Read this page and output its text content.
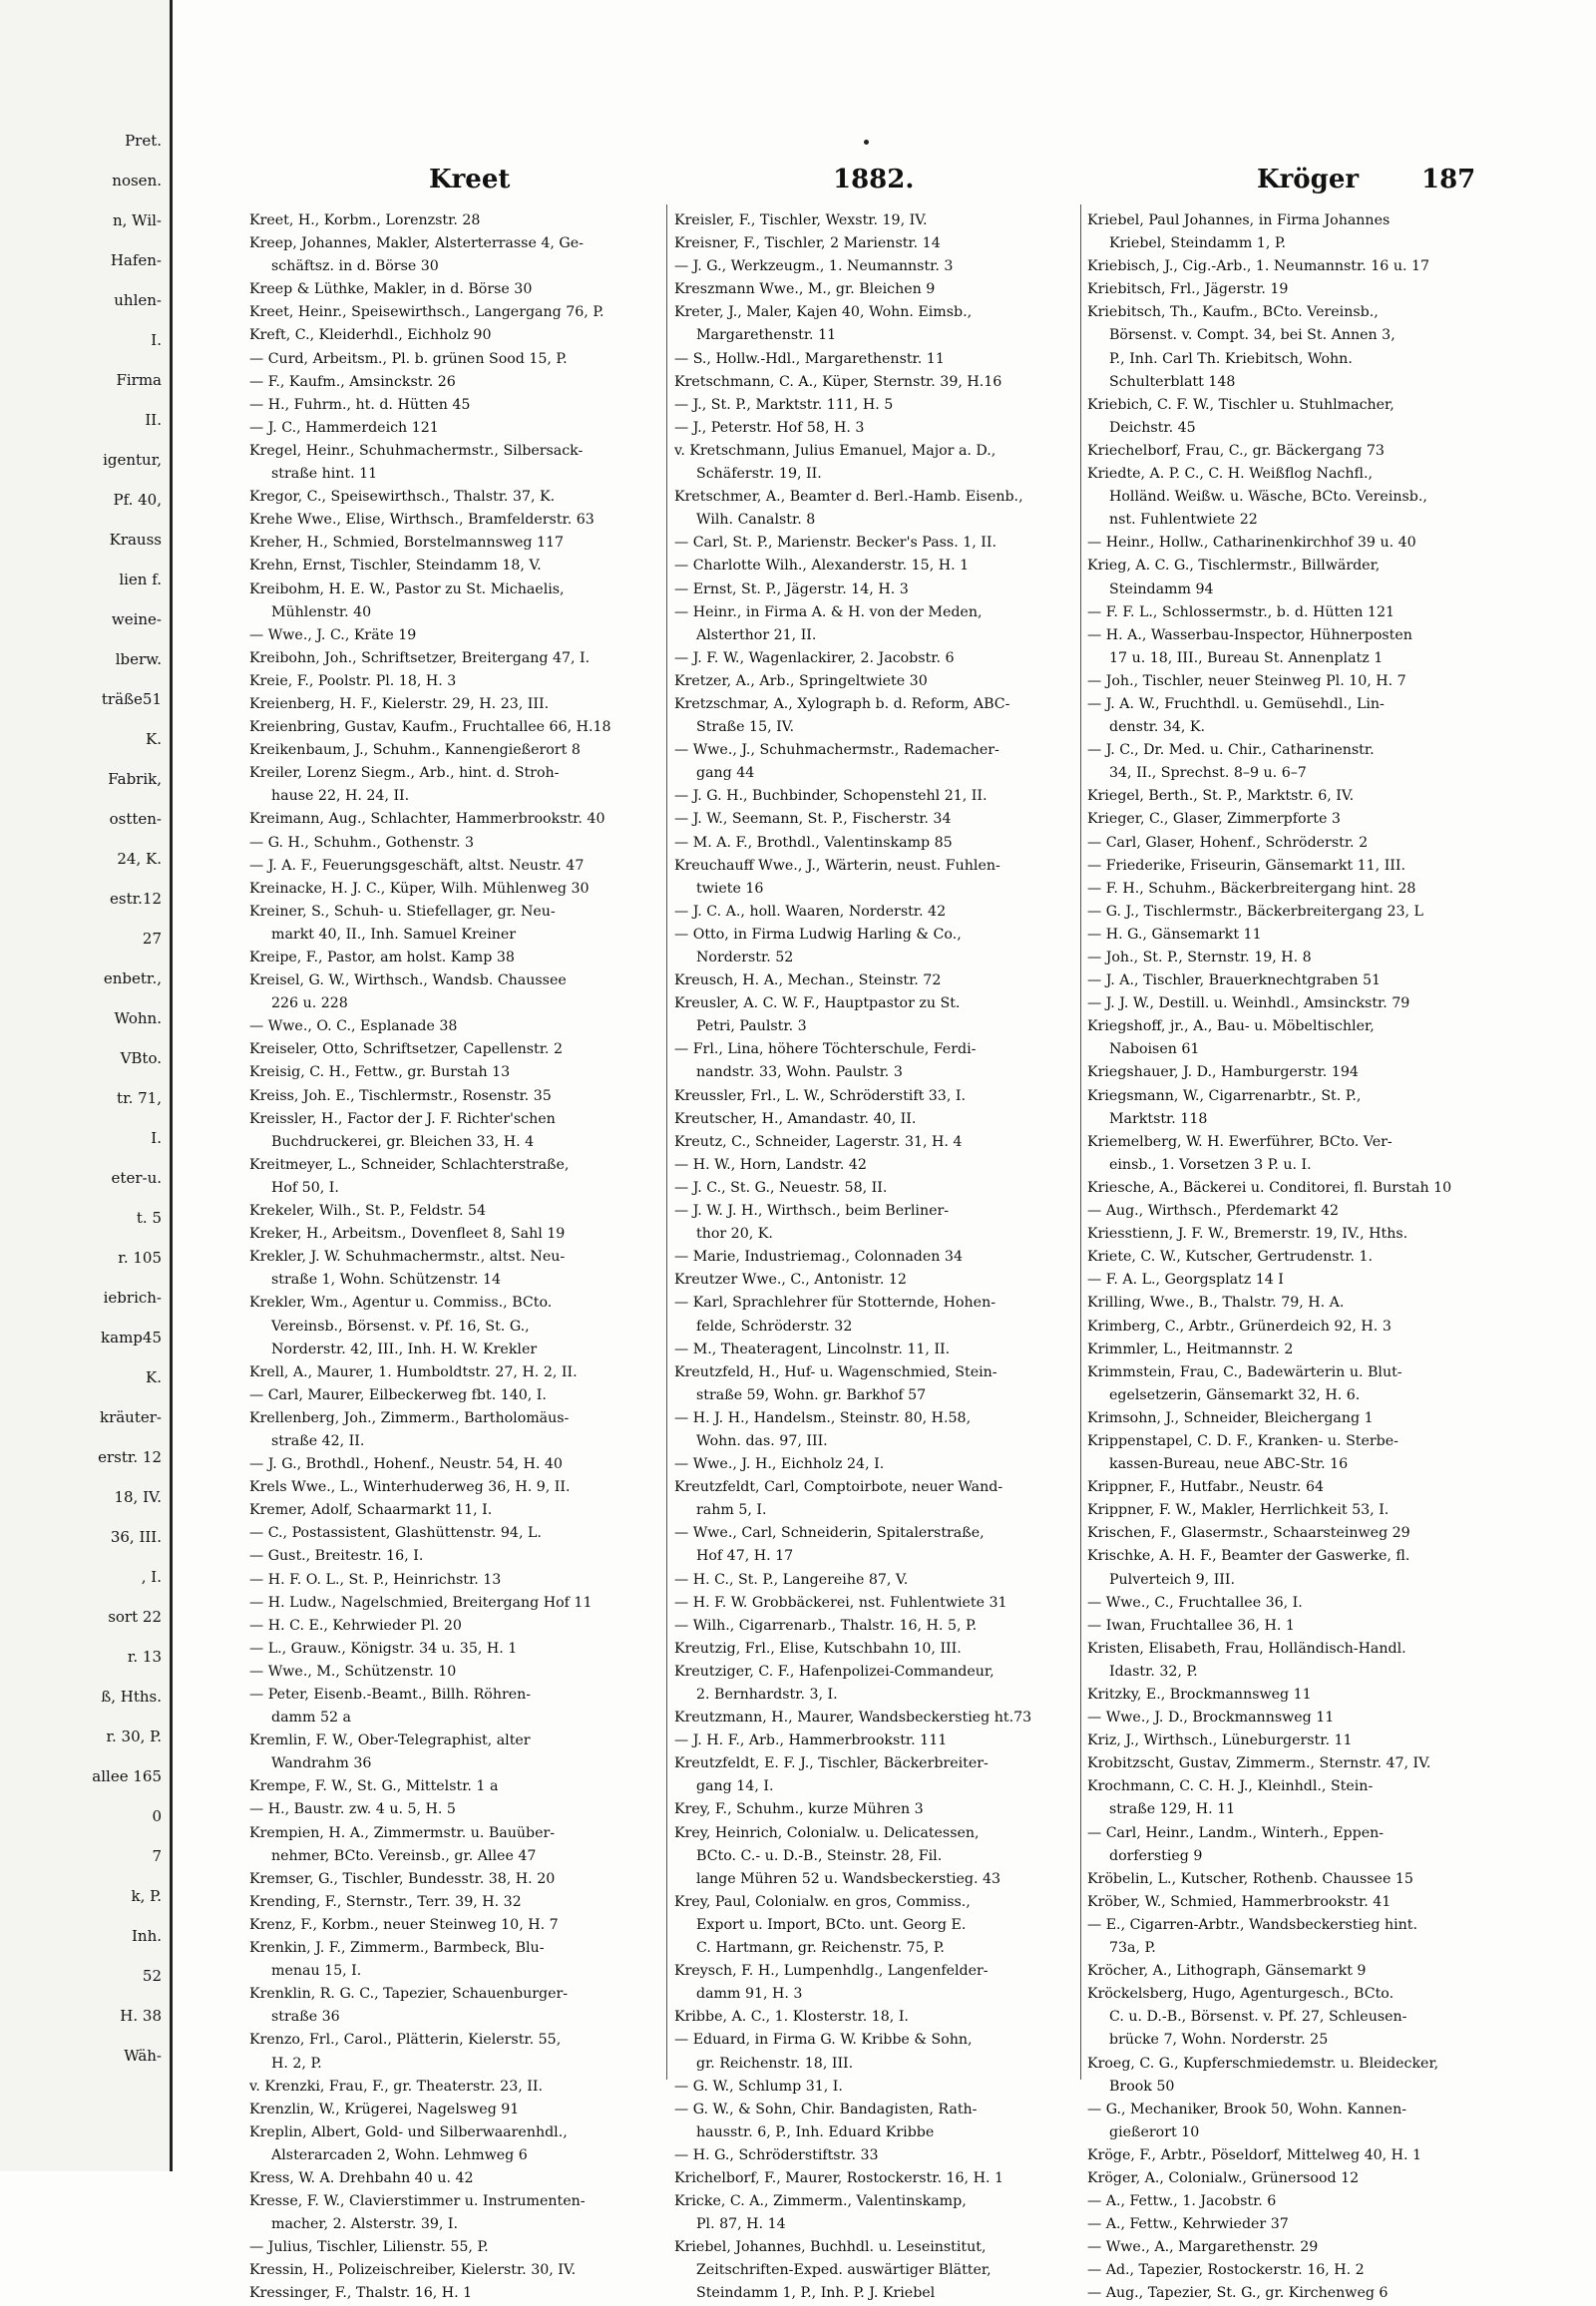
Pret.
nosen.
n, Wil-
Hafen-
uhlen-
I.
Firma
II.
igentur,
Pf. 40,
Krauss
lien f.
weine-
lberw.
träße51
K.
Fabrik,
ostten-
24, K.
estr.12
27
enbetr.,
Wohn.
VBto.
tr. 71,
I.
eter-u.
t. 5
r. 105
iebrich-
kamp45
K.
kräuter-
erstr. 12
18, IV.
36, III.
, I.
sort 22
r. 13
ß, Hths.
r. 30, P.
allee 165
0
7
k, P.
Inh.
52
H. 38
Wäh-
Kreet	1882.	Kröger 187
Kreet, H., Korbm., Lorenzstr. 28
Kreep, Johannes, Makler, Alsterterrasse 4, Ge-
schäftsz. in d. Börse 30
Kreep & Lüthke, Makler, in d. Börse 30
Kreet, Heinr., Speisewirthsch., Langergang 76, P.
Kreft, C., Kleiderhdl., Eichholz 90
— Curd, Arbeitsm., Pl. b. grünen Sood 15, P.
— F., Kaufm., Amsinckstr. 26
— H., Fuhrm., ht. d. Hütten 45
— J. C., Hammerdeich 121
Kregel, Heinr., Schuhmachermstr., Silbersack-
straße hint. 11
Kregor, C., Speisewirthsch., Thalstr. 37, K.
Krehe Wwe., Elise, Wirthsch., Bramfelderstr. 63
Kreher, H., Schmied, Borstelmannsweg 117
Krehn, Ernst, Tischler, Steindamm 18, V.
Kreibohm, H. E. W., Pastor zu St. Michaelis,
Mühlenstr. 40
— Wwe., J. C., Kräte 19
Kreibohn, Joh., Schriftsetzer, Breitergang 47, I.
Kreie, F., Poolstr. Pl. 18, H. 3
Kreienberg, H. F., Kielerstr. 29, H. 23, III.
Kreienbring, Gustav, Kaufm., Fruchtallee 66, H.18
Kreikenbaum, J., Schuhm., Kannengießerort 8
Kreiler, Lorenz Siegm., Arb., hint. d. Stroh-
hause 22, H. 24, II.
Kreimann, Aug., Schlachter, Hammerbrookstr. 40
— G. H., Schuhm., Gothenstr. 3
— J. A. F., Feuerungsgeschäft, altst. Neustr. 47
Kreinacke, H. J. C., Küper, Wilh. Mühlenweg 30
Kreiner, S., Schuh- u. Stiefellager, gr. Neu-
markt 40, II., Inh. Samuel Kreiner
Kreipe, F., Pastor, am holst. Kamp 38
Kreisel, G. W., Wirthsch., Wandsb. Chaussee
226 u. 228
— Wwe., O. C., Esplanade 38
Kreiseler, Otto, Schriftsetzer, Capellenstr. 2
Kreisig, C. H., Fettw., gr. Burstah 13
Kreiss, Joh. E., Tischlermstr., Rosenstr. 35
Kreissler, H., Factor der J. F. Richter'schen
Buchdruckerei, gr. Bleichen 33, H. 4
Kreitmeyer, L., Schneider, Schlachterstraße,
Hof 50, I.
Krekeler, Wilh., St. P., Feldstr. 54
Kreker, H., Arbeitsm., Dovenfleet 8, Sahl 19
Krekler, J. W. Schuhmachermstr., altst. Neu-
straße 1, Wohn. Schützenstr. 14
Krekler, Wm., Agentur u. Commiss., BCto.
Vereinsb., Börsenst. v. Pf. 16, St. G.,
Norderstr. 42, III., Inh. H. W. Krekler
Krell, A., Maurer, 1. Humboldtstr. 27, H. 2, II.
— Carl, Maurer, Eilbeckerweg fbt. 140, I.
Krellenberg, Joh., Zimmerm., Bartholomäus-
straße 42, II.
— J. G., Brothdl., Hohenf., Neustr. 54, H. 40
Krels Wwe., L., Winterhuderweg 36, H. 9, II.
Kremer, Adolf, Schaarmarkt 11, I.
— C., Postassistent, Glashüttenstr. 94, L.
— Gust., Breitestr. 16, I.
— H. F. O. L., St. P., Heinrichstr. 13
— H. Ludw., Nagelschmied, Breitergang Hof 11
— H. C. E., Kehrwieder Pl. 20
— L., Grauw., Königstr. 34 u. 35, H. 1
— Wwe., M., Schützenstr. 10
— Peter, Eisenb.-Beamt., Billh. Röhren-
damm 52 a
Kremlin, F. W., Ober-Telegraphist, alter
Wandrahm 36
Krempe, F. W., St. G., Mittelstr. 1 a
— H., Baustr. zw. 4 u. 5, H. 5
Krempien, H. A., Zimmermstr. u. Bauüber-
nehmer, BCto. Vereinsb., gr. Allee 47
Kremser, G., Tischler, Bundesstr. 38, H. 20
Krending, F., Sternstr., Terr. 39, H. 32
Krenz, F., Korbm., neuer Steinweg 10, H. 7
Krenkin, J. F., Zimmerm., Barmbeck, Blu-
menau 15, I.
Krenklin, R. G. C., Tapezier, Schauenburger-
straße 36
Krenzo, Frl., Carol., Plätterin, Kielerstr. 55,
H. 2, P.
v. Krenzki, Frau, F., gr. Theaterstr. 23, II.
Krenzlin, W., Krügerei, Nagelsweg 91
Kreplin, Albert, Gold- und Silberwaarenhdl.,
Alsterarcaden 2, Wohn. Lehmweg 6
Kress, W. A. Drehbahn 40 u. 42
Kresse, F. W., Clavierstimmer u. Instrumenten-
macher, 2. Alsterstr. 39, I.
— Julius, Tischler, Lilienstr. 55, P.
Kressin, H., Polizeischreiber, Kielerstr. 30, IV.
Kressinger, F., Thalstr. 16, H. 1
Kreisler, F., Tischler, Wexstr. 19, IV.
Kreisner, F., Tischler, 2 Marienstr. 14
— J. G., Werkzeugm., 1. Neumannstr. 3
Kreszmann Wwe., M., gr. Bleichen 9
Kreter, J., Maler, Kajen 40, Wohn. Eimsb.,
Margarethenstr. 11
— S., Hollw.-Hdl., Margarethenstr. 11
Kretschmann, C. A., Küper, Sternstr. 39, H.16
— J., St. P., Marktstr. 111, H. 5
— J., Peterstr. Hof 58, H. 3
v. Kretschmann, Julius Emanuel, Major a. D.,
Schäferstr. 19, II.
Kretschmer, A., Beamter d. Berl.-Hamb. Eisenb.,
Wilh. Canalstr. 8
— Carl, St. P., Marienstr. Becker's Pass. 1, II.
— Charlotte Wilh., Alexanderstr. 15, H. 1
— Ernst, St. P., Jägerstr. 14, H. 3
— Heinr., in Firma A. & H. von der Meden,
Alsterthor 21, II.
— J. F. W., Wagenlackirer, 2. Jacobstr. 6
Kretzer, A., Arb., Springeltwiete 30
Kretzschmar, A., Xylograph b. d. Reform, ABC-
Straße 15, IV.
— Wwe., J., Schuhmachermstr., Rademacher-
gang 44
— J. G. H., Buchbinder, Schopenstehl 21, II.
— J. W., Seemann, St. P., Fischerstr. 34
— M. A. F., Brothdl., Valentinskamp 85
Kreuchauff Wwe., J., Wärterin, neust. Fuhlen-
twiete 16
— J. C. A., holl. Waaren, Norderstr. 42
— Otto, in Firma Ludwig Harling & Co.,
Norderstr. 52
Kreusch, H. A., Mechan., Steinstr. 72
Kreusler, A. C. W. F., Hauptpastor zu St.
Petri, Paulstr. 3
— Frl., Lina, höhere Töchterschule, Ferdi-
nandstr. 33, Wohn. Paulstr. 3
Kreussler, Frl., L. W., Schröderstift 33, I.
Kreutscher, H., Amandastr. 40, II.
Kreutz, C., Schneider, Lagerstr. 31, H. 4
— H. W., Horn, Landstr. 42
— J. C., St. G., Neuestr. 58, II.
— J. W. J. H., Wirthsch., beim Berliner-
thor 20, K.
— Marie, Industriemag., Colonnaden 34
Kreutzer Wwe., C., Antonistr. 12
— Karl, Sprachlehrer für Stotternde, Hohen-
felde, Schröderstr. 32
— M., Theateragent, Lincolnstr. 11, II.
Kreutzfeld, H., Huf- u. Wagenschmied, Stein-
straße 59, Wohn. gr. Barkhof 57
— H. J. H., Handelsm., Steinstr. 80, H.58,
Wohn. das. 97, III.
— Wwe., J. H., Eichholz 24, I.
Kreutzfeldt, Carl, Comptoirbote, neuer Wand-
rahm 5, I.
— Wwe., Carl, Schneiderin, Spitalerstraße,
Hof 47, H. 17
— H. C., St. P., Langereihe 87, V.
— H. F. W. Grobbäckerei, nst. Fuhlentwiete 31
— Wilh., Cigarrenarb., Thalstr. 16, H. 5, P.
Kreutzig, Frl., Elise, Kutschbahn 10, III.
Kreutziger, C. F., Hafenpolizei-Commandeur,
2. Bernhardstr. 3, I.
Kreutzmann, H., Maurer, Wandsbeckerstieg ht.73
— J. H. F., Arb., Hammerbrookstr. 111
Kreutzfeldt, E. F. J., Tischler, Bäckerbreiter-
gang 14, I.
Krey, F., Schuhm., kurze Mühren 3
Krey, Heinrich, Colonialw. u. Delicatessen,
BCto. C.- u. D.-B., Steinstr. 28, Fil.
lange Mühren 52 u. Wandsbeckerstieg. 43
Krey, Paul, Colonialw. en gros, Commiss.,
Export u. Import, BCto. unt. Georg E.
C. Hartmann, gr. Reichenstr. 75, P.
Kreysch, F. H., Lumpenhdlg., Langenfelder-
damm 91, H. 3
Kribbe, A. C., 1. Klosterstr. 18, I.
— Eduard, in Firma G. W. Kribbe & Sohn,
gr. Reichenstr. 18, III.
— G. W., Schlump 31, I.
— G. W., & Sohn, Chir. Bandagisten, Rath-
hausstr. 6, P., Inh. Eduard Kribbe
— H. G., Schröderstiftstr. 33
Krichelborf, F., Maurer, Rostockerstr. 16, H. 1
Kricke, C. A., Zimmerm., Valentinskamp,
Pl. 87, H. 14
Kriebel, Johannes, Buchhdl. u. Leseinstitut,
Zeitschriften-Exped. auswärtiger Blätter,
Steindamm 1, P., Inh. P. J. Kriebel
Kriebel, Paul Johannes, in Firma Johannes
Kriebel, Steindamm 1, P.
Kriebisch, J., Cig.-Arb., 1. Neumannstr. 16 u. 17
Kriebitsch, Frl., Jägerstr. 19
Kriebitsch, Th., Kaufm., BCto. Vereinsb.,
Börsenst. v. Compt. 34, bei St. Annen 3,
P., Inh. Carl Th. Kriebitsch, Wohn.
Schulterblatt 148
Kriebich, C. F. W., Tischler u. Stuhlmacher,
Deichstr. 45
Kriechelborf, Frau, C., gr. Bäckergang 73
Kriedte, A. P. C., C. H. Weißflog Nachfl.,
Holländ. Weißw. u. Wäsche, BCto. Vereinsb.,
nst. Fuhlentwiete 22
— Heinr., Hollw., Catharinenkirchhof 39 u. 40
Krieg, A. C. G., Tischlermstr., Billwärder,
Steindamm 94
— F. F. L., Schlossermstr., b. d. Hütten 121
— H. A., Wasserbau-Inspector, Hühnerposten
17 u. 18, III., Bureau St. Annenplatz 1
— Joh., Tischler, neuer Steinweg Pl. 10, H. 7
— J. A. W., Fruchthdl. u. Gemüsehdl., Lin-
denstr. 34, K.
— J. C., Dr. Med. u. Chir., Catharinenstr.
34, II., Sprechst. 8–9 u. 6–7
Kriegel, Berth., St. P., Marktstr. 6, IV.
Krieger, C., Glaser, Zimmerpforte 3
— Carl, Glaser, Hohenf., Schröderstr. 2
— Friederike, Friseurin, Gänsemarkt 11, III.
— F. H., Schuhm., Bäckerbreitergang hint. 28
— G. J., Tischlermstr., Bäckerbreitergang 23, L
— H. G., Gänsemarkt 11
— Joh., St. P., Sternstr. 19, H. 8
— J. A., Tischler, Brauerknechtgraben 51
— J. J. W., Destill. u. Weinhdl., Amsinckstr. 79
Kriegshoff, jr., A., Bau- u. Möbeltischler,
Naboisen 61
Kriegshauer, J. D., Hamburgerstr. 194
Kriegsmann, W., Cigarrenarbtr., St. P.,
Marktstr. 118
Kriemelberg, W. H. Ewerführer, BCto. Ver-
einsb., 1. Vorsetzen 3 P. u. I.
Kriesche, A., Bäckerei u. Conditorei, fl. Burstah 10
— Aug., Wirthsch., Pferdemarkt 42
Kriesstienn, J. F. W., Bremerstr. 19, IV., Hths.
Kriete, C. W., Kutscher, Gertrudenstr. 1.
— F. A. L., Georgsplatz 14 I
Krilling, Wwe., B., Thalstr. 79, H. A.
Krimberg, C., Arbtr., Grünerdeich 92, H. 3
Krimmler, L., Heitmannstr. 2
Krimmstein, Frau, C., Badewärterin u. Blut-
egelsetzerin, Gänsemarkt 32, H. 6.
Krimsohn, J., Schneider, Bleichergang 1
Krippenstapel, C. D. F., Kranken- u. Sterbe-
kassen-Bureau, neue ABC-Str. 16
Krippner, F., Hutfabr., Neustr. 64
Krippner, F. W., Makler, Herrlichkeit 53, I.
Krischen, F., Glasermstr., Schaarsteinweg 29
Krischke, A. H. F., Beamter der Gaswerke, fl.
Pulverteich 9, III.
— Wwe., C., Fruchtallee 36, I.
— Iwan, Fruchtallee 36, H. 1
Kristen, Elisabeth, Frau, Holländisch-Handl.
Idastr. 32, P.
Kritzky, E., Brockmannsweg 11
— Wwe., J. D., Brockmannsweg 11
Kriz, J., Wirthsch., Lüneburgerstr. 11
Krobitzscht, Gustav, Zimmerm., Sternstr. 47, IV.
Krochmann, C. C. H. J., Kleinhdl., Stein-
straße 129, H. 11
— Carl, Heinr., Landm., Winterh., Eppen-
dorferstieg 9
Kröbelin, L., Kutscher, Rothenb. Chaussee 15
Kröber, W., Schmied, Hammerbrookstr. 41
— E., Cigarren-Arbtr., Wandsbeckerstieg hint.
73a, P.
Kröcher, A., Lithograph, Gänsemarkt 9
Kröckelsberg, Hugo, Agenturgesch., BCto.
C. u. D.-B., Börsenst. v. Pf. 27, Schleusen-
brücke 7, Wohn. Norderstr. 25
Kroeg, C. G., Kupferschmiedemstr. u. Bleidecker,
Brook 50
— G., Mechaniker, Brook 50, Wohn. Kannen-
gießerort 10
Kröge, F., Arbtr., Pöseldorf, Mittelweg 40, H. 1
Kröger, A., Colonialw., Grünersood 12
— A., Fettw., 1. Jacobstr. 6
— A., Fettw., Kehrwieder 37
— Wwe., A., Margarethenstr. 29
— Ad., Tapezier, Rostockerstr. 16, H. 2
— Aug., Tapezier, St. G., gr. Kirchenweg 6
